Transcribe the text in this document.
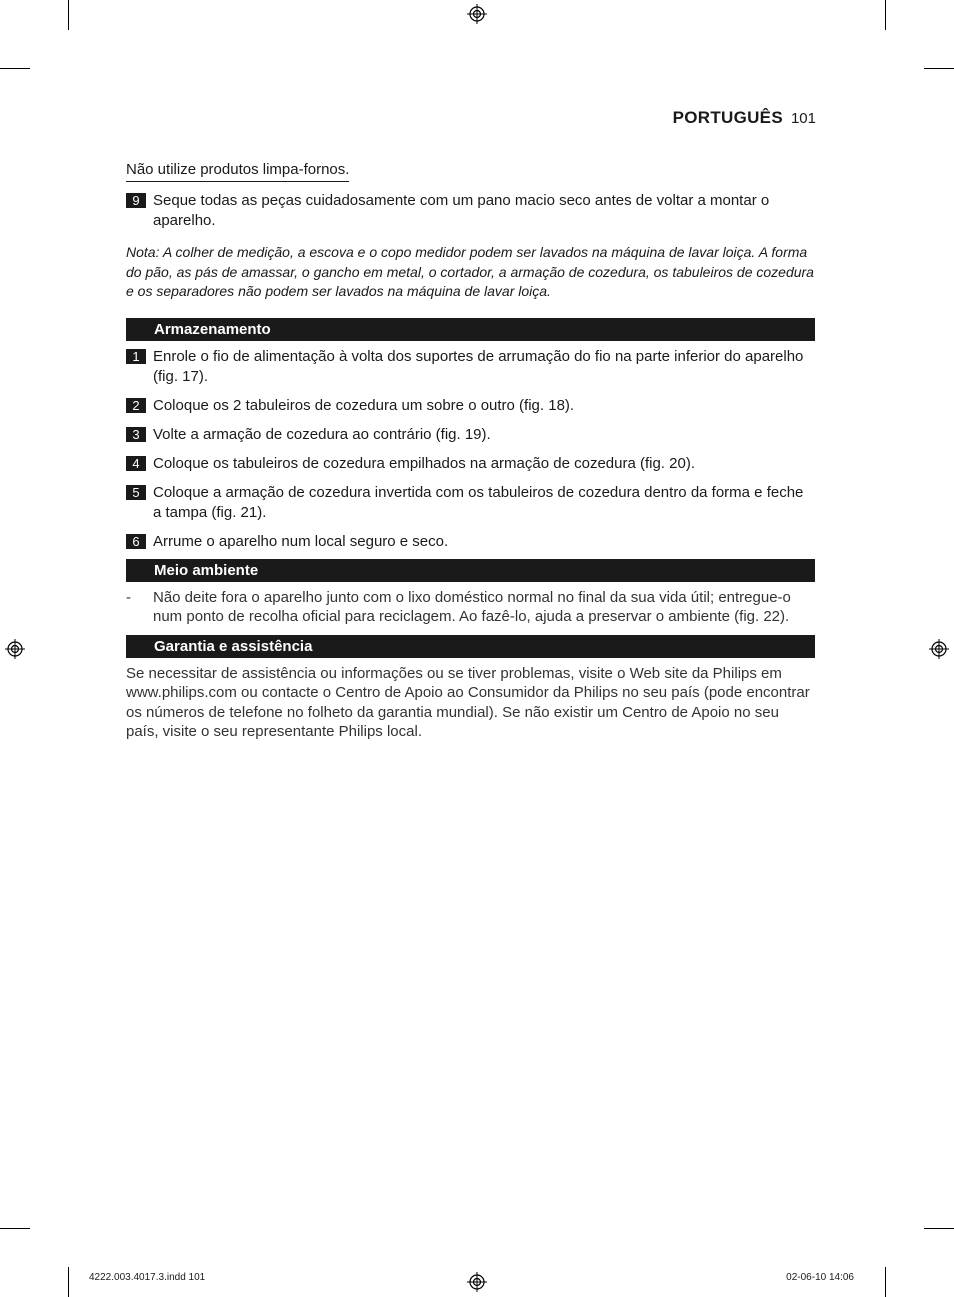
PORTUGUÊS 101
Não utilize produtos limpa-fornos.
9 Seque todas as peças cuidadosamente com um pano macio seco antes de voltar a montar o aparelho.
Nota: A colher de medição, a escova e o copo medidor podem ser lavados na máquina de lavar loiça. A forma do pão, as pás de amassar, o gancho em metal, o cortador, a armação de cozedura, os tabuleiros de cozedura e os separadores não podem ser lavados na máquina de lavar loiça.
Armazenamento
1 Enrole o fio de alimentação à volta dos suportes de arrumação do fio na parte inferior do aparelho (fig. 17).
2 Coloque os 2 tabuleiros de cozedura um sobre o outro (fig. 18).
3 Volte a armação de cozedura ao contrário (fig. 19).
4 Coloque os tabuleiros de cozedura empilhados na armação de cozedura (fig. 20).
5 Coloque a armação de cozedura invertida com os tabuleiros de cozedura dentro da forma e feche a tampa (fig. 21).
6 Arrume o aparelho num local seguro e seco.
Meio ambiente
-	Não deite fora o aparelho junto com o lixo doméstico normal no final da sua vida útil; entregue-o num ponto de recolha oficial para reciclagem. Ao fazê-lo, ajuda a preservar o ambiente (fig. 22).
Garantia e assistência
Se necessitar de assistência ou informações ou se tiver problemas, visite o Web site da Philips em www.philips.com ou contacte o Centro de Apoio ao Consumidor da Philips no seu país (pode encontrar os números de telefone no folheto da garantia mundial). Se não existir um Centro de Apoio no seu país, visite o seu representante Philips local.
4222.003.4017.3.indd 101	02-06-10 14:06
